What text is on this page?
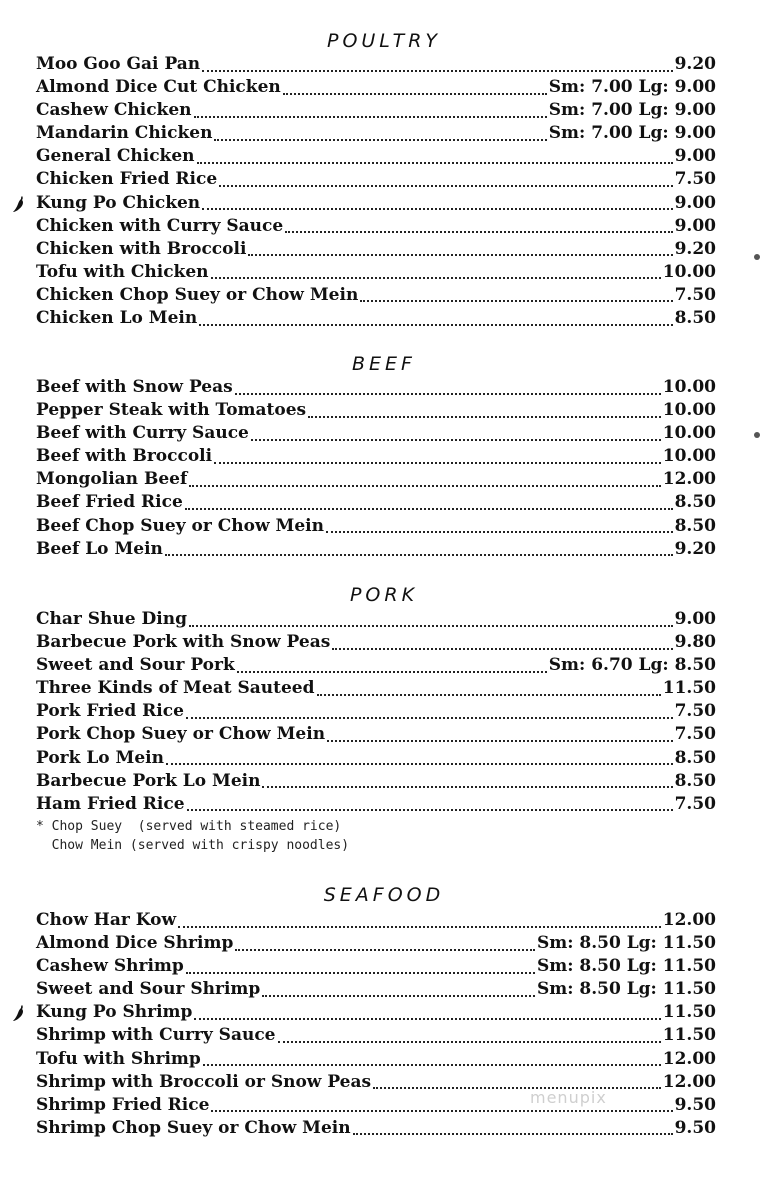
POULTRY
Moo Goo Gai Pan	9.20
Almond Dice Cut Chicken	Sm: 7.00 Lg: 9.00
Cashew Chicken	Sm: 7.00 Lg: 9.00
Mandarin Chicken	Sm: 7.00 Lg: 9.00
General Chicken	9.00
Chicken Fried Rice	7.50
Kung Po Chicken	9.00
Chicken with Curry Sauce	9.00
Chicken with Broccoli	9.20
Tofu with Chicken	10.00
Chicken Chop Suey or Chow Mein	7.50
Chicken Lo Mein	8.50
BEEF
Beef with Snow Peas	10.00
Pepper Steak with Tomatoes	10.00
Beef with Curry Sauce	10.00
Beef with Broccoli	10.00
Mongolian Beef	12.00
Beef Fried Rice	8.50
Beef Chop Suey or Chow Mein	8.50
Beef Lo Mein	9.20
PORK
Char Shue Ding	9.00
Barbecue Pork with Snow Peas	9.80
Sweet and Sour Pork	Sm: 6.70 Lg: 8.50
Three Kinds of Meat Sauteed	11.50
Pork Fried Rice	7.50
Pork Chop Suey or Chow Mein	7.50
Pork Lo Mein	8.50
Barbecue Pork Lo Mein	8.50
Ham Fried Rice	7.50
* Chop Suey  (served with steamed rice)
Chow Mein (served with crispy noodles)
SEAFOOD
Chow Har Kow	12.00
Almond Dice Shrimp	Sm: 8.50 Lg: 11.50
Cashew Shrimp	Sm: 8.50 Lg: 11.50
Sweet and Sour Shrimp	Sm: 8.50 Lg: 11.50
Kung Po Shrimp	11.50
Shrimp with Curry Sauce	11.50
Tofu with Shrimp	12.00
Shrimp with Broccoli or Snow Peas	12.00
Shrimp Fried Rice	9.50
Shrimp Chop Suey or Chow Mein	9.50
menupix
